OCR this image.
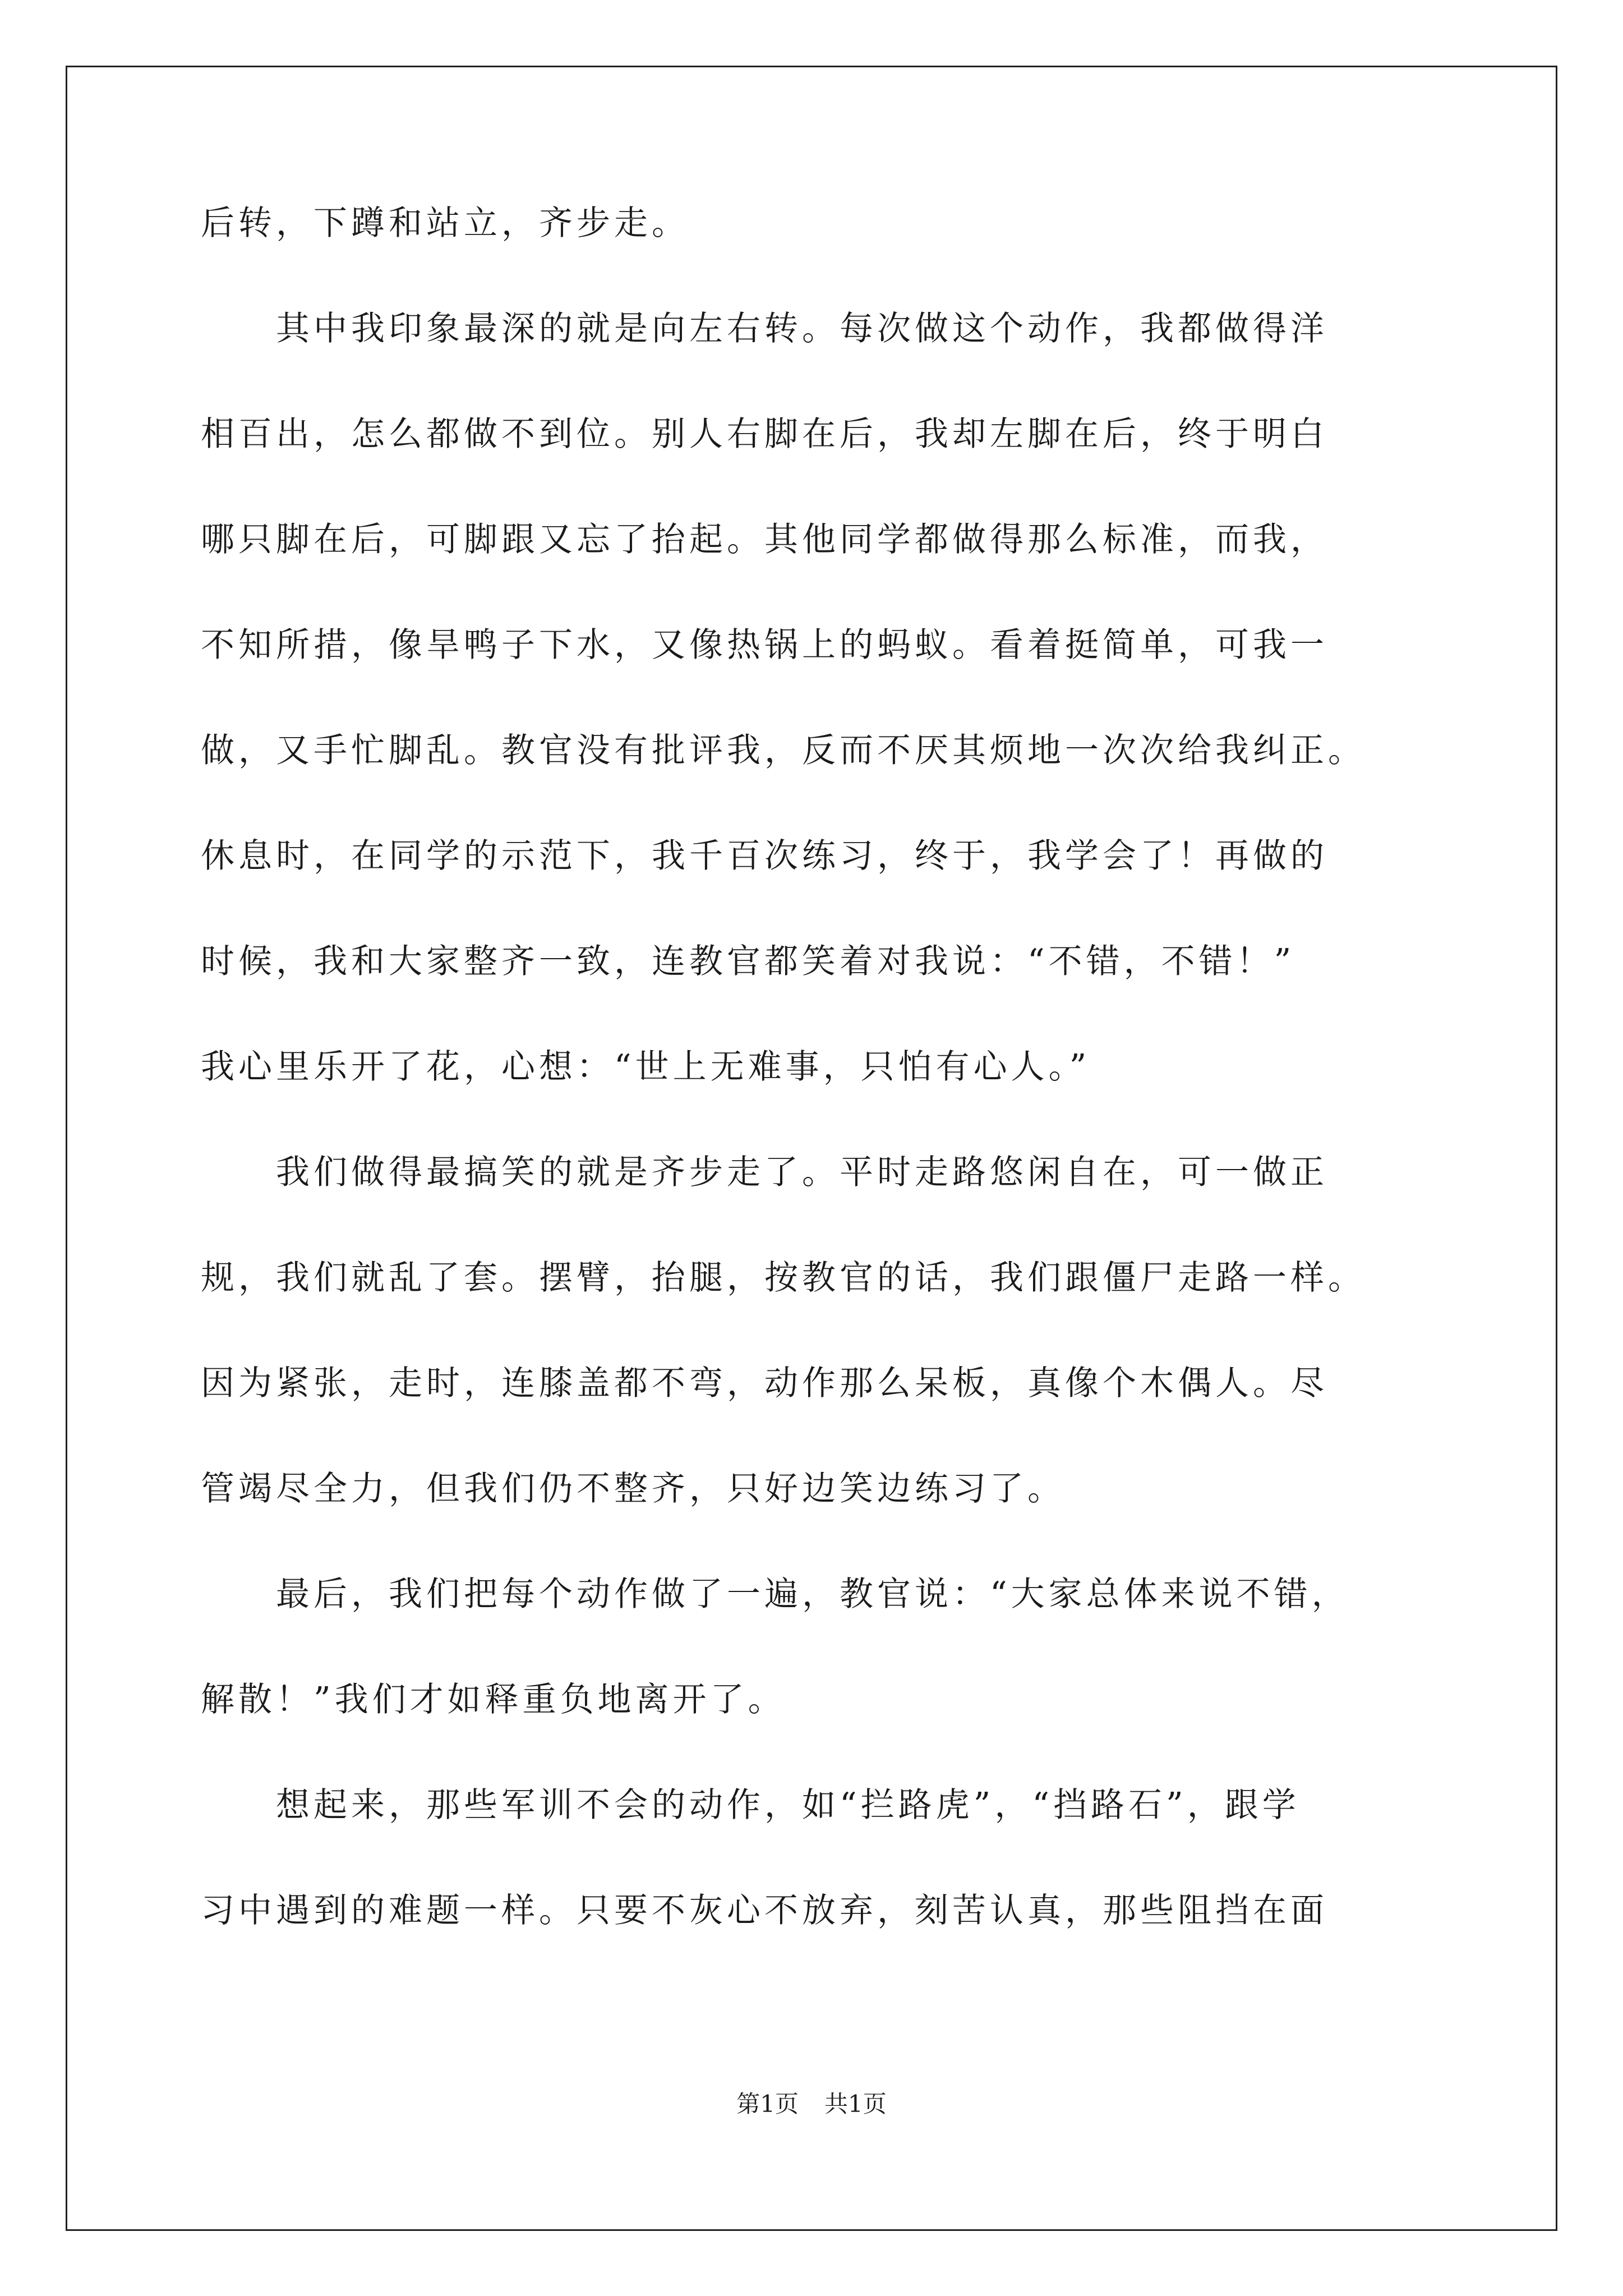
后转，下蹲和站立，齐步走。
　　其中我印象最深的就是向左右转。每次做这个动作，我都做得洋
相百出，怎么都做不到位。别人右脚在后，我却左脚在后，终于明白
哪只脚在后，可脚跟又忘了抬起。其他同学都做得那么标准，而我，
不知所措，像旱鸭子下水，又像热锅上的蚂蚁。看着挺简单，可我一
做，又手忙脚乱。教官没有批评我，反而不厌其烦地一次次给我纠正。
休息时，在同学的示范下，我千百次练习，终于，我学会了！再做的
时候，我和大家整齐一致，连教官都笑着对我说：“不错，不错！”
我心里乐开了花，心想：“世上无难事，只怕有心人。”
　　我们做得最搞笑的就是齐步走了。平时走路悠闲自在，可一做正
规，我们就乱了套。摆臂，抬腿，按教官的话，我们跟僵尸走路一样。
因为紧张，走时，连膝盖都不弯，动作那么呆板，真像个木偶人。尽
管竭尽全力，但我们仍不整齐，只好边笑边练习了。
　　最后，我们把每个动作做了一遍，教官说：“大家总体来说不错，
解散！”我们才如释重负地离开了。
　　想起来，那些军训不会的动作，如“拦路虎”，“挡路石”，跟学
习中遇到的难题一样。只要不灰心不放弃，刻苦认真，那些阻挡在面
第1页 共1页
